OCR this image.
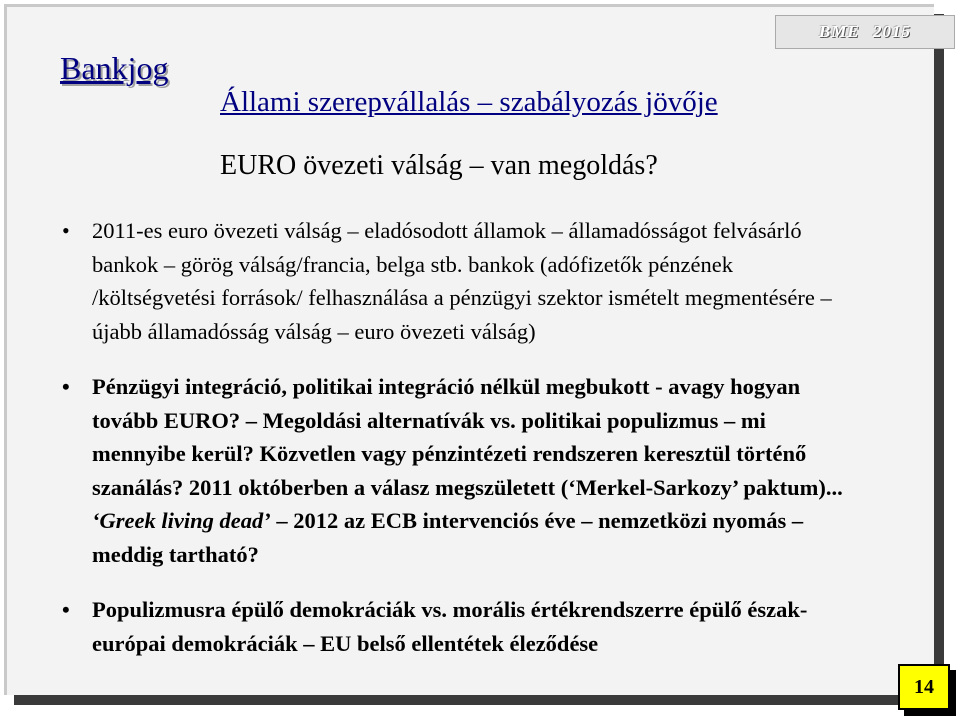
BME 2015
Bankjog
Állami szerepvállalás – szabályozás jövője
EURO övezeti válság – van megoldás?
• 2011-es euro övezeti válság – eladósodott államok – államadósságot felvásárló bankok – görög válság/francia, belga stb. bankok (adófizetők pénzének /költségvetési források/ felhasználása a pénzügyi szektor ismételt megmentésére – újabb államadósság válság – euro övezeti válság)
• Pénzügyi integráció, politikai integráció nélkül megbukott - avagy hogyan tovább EURO? – Megoldási alternatívák vs. politikai populizmus – mi mennyibe kerül? Közvetlen vagy pénzintézeti rendszeren keresztül történő szanálás? 2011 októberben a válasz megszületett (‘Merkel-Sarkozy’ paktum)... ‘Greek living dead’ – 2012 az ECB intervenciós éve – nemzetközi nyomás – meddig tartható?
• Populizmusra épülő demokráciák vs. morális értékrendszerre épülő észak-európai demokráciák – EU belső ellentétek éleződése
14
